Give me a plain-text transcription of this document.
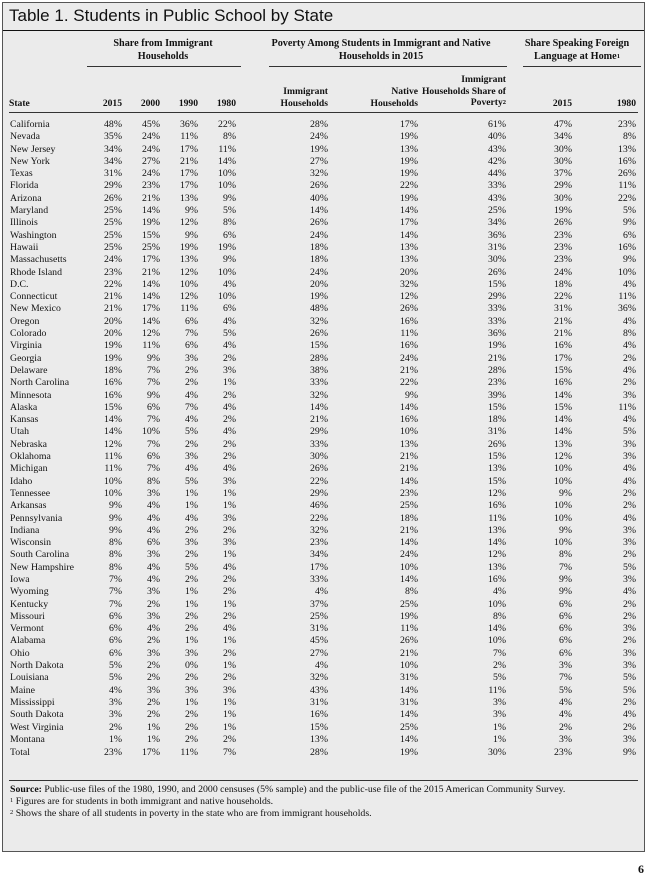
Table 1. Students in Public School by State
Share from Immigrant Households
Poverty Among Students in Immigrant and Native Households in 2015
Share Speaking Foreign Language at Home$^1$
State	2015 2000 1990 1980
Immigrant Households
Native Households
Immigrant Households Share of Poverty$^2$	2015	1980
California	48% 45% 36% 22%	28%	17%	61%	47%	23%
Nevada	35% 24% 11%	8%	24%	19%	40%	34%	8%
New Jersey	34% 24% 17% 11%	19%	13%	43%	30%	13%
New York	34% 27% 21% 14%	27%	19%	42%	30%	16%
Texas	31% 24% 17% 10%	32%	19%	44%	37%	26%
Florida	29% 23% 17% 10%	26%	22%	33%	29%	11%
Arizona	26% 21% 13%	9%	40%	19%	43%	30%	22%
Maryland	25% 14%	9%	5%	14%	14%	25%	19%	5%
Illinois	25% 19% 12%	8%	26%	17%	34%	26%	9%
Washington	25% 15%	9%	6%	24%	14%	36%	23%	6%
Hawaii	25% 25% 19% 19%	18%	13%	31%	23%	16%
Massachusetts	24% 17% 13%	9%	18%	13%	30%	23%	9%
Rhode Island	23% 21% 12% 10%	24%	20%	26%	24%	10%
D.C.	22% 14% 10%	4%	20%	32%	15%	18%	4%
Connecticut	21% 14% 12% 10%	19%	12%	29%	22%	11%
New Mexico	21% 17% 11%	6%	48%	26%	33%	31%	36%
Oregon	20% 14%	6%	4%	32%	16%	33%	21%	4%
Colorado	20% 12%	7%	5%	26%	11%	36%	21%	8%
Virginia	19% 11%	6%	4%	15%	16%	19%	16%	4%
Georgia	19%	9%	3%	2%	28%	24%	21%	17%	2%
Delaware	18%	7%	2%	3%	38%	21%	28%	15%	4%
North Carolina	16%	7%	2%	1%	33%	22%	23%	16%	2%
Minnesota	16%	9%	4%	2%	32%	9%	39%	14%	3%
Alaska	15%	6%	7%	4%	14%	14%	15%	15%	11%
Kansas	14%	7%	4%	2%	21%	16%	18%	14%	4%
Utah	14% 10%	5%	4%	29%	10%	31%	14%	5%
Nebraska	12%	7%	2%	2%	33%	13%	26%	13%	3%
Oklahoma	11%	6%	3%	2%	30%	21%	15%	12%	3%
Michigan	11%	7%	4%	4%	26%	21%	13%	10%	4%
Idaho	10%	8%	5%	3%	22%	14%	15%	10%	4%
Tennessee	10%	3%	1%	1%	29%	23%	12%	9%	2%
Arkansas	9%	4%	1%	1%	46%	25%	16%	10%	2%
Pennsylvania	9%	4%	4%	3%	22%	18%	11%	10%	4%
Indiana	9%	4%	2%	2%	32%	21%	13%	9%	3%
Wisconsin	8%	6%	3%	3%	23%	14%	14%	10%	3%
South Carolina	8%	3%	2%	1%	34%	24%	12%	8%	2%
New Hampshire	8%	4%	5%	4%	17%	10%	13%	7%	5%
Iowa	7%	4%	2%	2%	33%	14%	16%	9%	3%
Wyoming	7%	3%	1%	2%	4%	8%	4%	9%	4%
Kentucky	7%	2%	1%	1%	37%	25%	10%	6%	2%
Missouri	6%	3%	2%	2%	25%	19%	8%	6%	2%
Vermont	6%	4%	2%	4%	31%	11%	14%	6%	3%
Alabama	6%	2%	1%	1%	45%	26%	10%	6%	2%
Ohio	6%	3%	3%	2%	27%	21%	7%	6%	3%
North Dakota	5%	2%	0%	1%	4%	10%	2%	3%	3%
Louisiana	5%	2%	2%	2%	32%	31%	5%	7%	5%
Maine	4%	3%	3%	3%	43%	14%	11%	5%	5%
Mississippi	3%	2%	1%	1%	31%	31%	3%	4%	2%
South Dakota	3%	2%	2%	1%	16%	14%	3%	4%	4%
West Virginia	2%	1%	2%	1%	15%	25%	1%	2%	2%
Montana	1%	1%	2%	2%	13%	14%	1%	3%	3%
Total	23% 17% 11%	7%	28%	19%	30%	23%	9%

Source: Public-use files of the 1980, 1990, and 2000 censuses (5% sample) and the public-use file of the 2015 American Community Survey.

$^1$ Figures are for students in both immigrant and native households.

$^2$ Shows the share of all students in poverty in the state who are from immigrant households.

6
